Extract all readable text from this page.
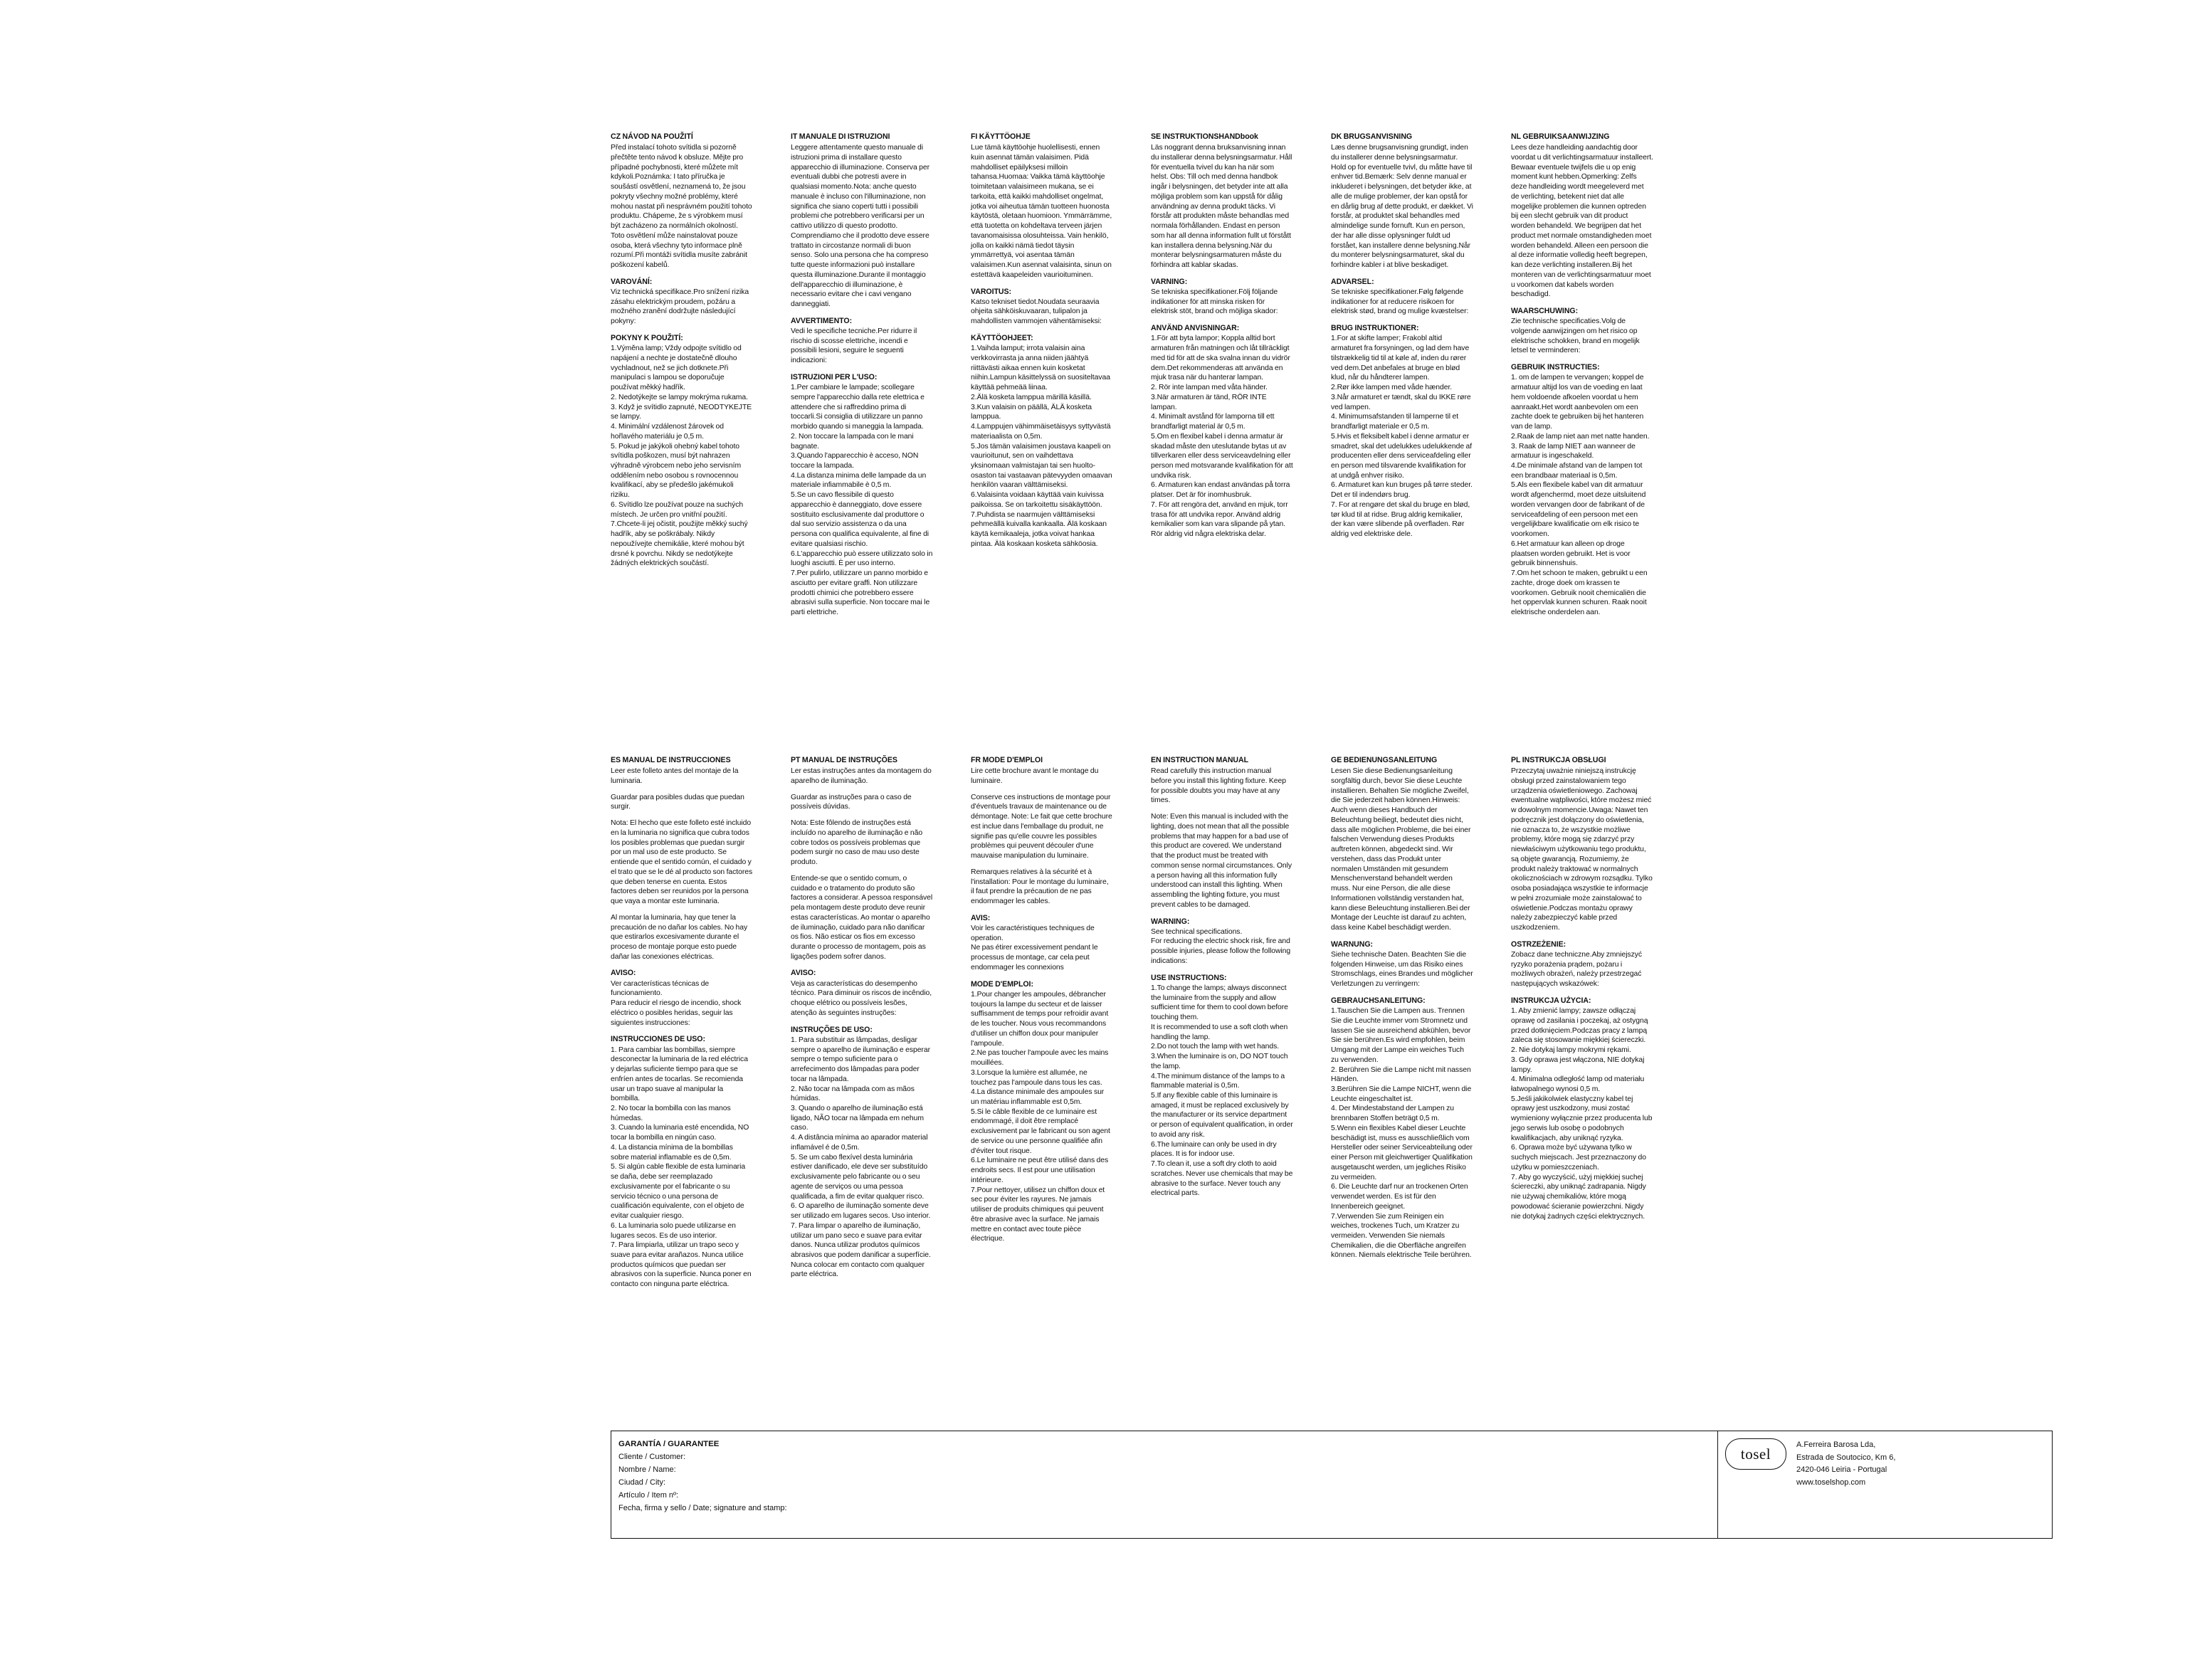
CZ NÁVOD NA POUŽITÍ

Před instalací tohoto svítidla si pozorně přečtěte tento návod k obsluze. Mějte pro případné pochybnosti, které můžete mít kdykoli.Poznámka: I tato příručka je soušástí osvětlení, neznamená to, že jsou pokryty všechny možné problémy, které mohou nastat při nesprávném použití tohoto produktu. Chápeme, že s výrobkem musí být zacházeno za normálních okolností. Toto osvětlení může nainstalovat pouze osoba, která všechny tyto informace plně rozumí.Při montáži svítidla musíte zabránit poškození kabelů.

VAROVÁNÍ:

Viz technická specifikace.Pro snížení rizika zásahu elektrickým proudem, požáru a možného zranění dodržujte následující pokyny:

POKYNY K POUŽITÍ:

1.Výměna lamp; Vždy odpojte svítidlo od napájení a nechte je dostatečně dlouho vychladnout, než se jich dotknete.Při manipulaci s lampou se doporučuje používat měkký hadřík.

2. Nedotýkejte se lampy mokrýma rukama.

3. Když je svítidlo zapnuté, NEODTYKEJTE se lampy.

4. Minimální vzdálenost žárovek od hořlavého materiálu je 0,5 m.

5. Pokud je jakýkoli ohebný kabel tohoto svítidla poškozen, musí být nahrazen výhradně výrobcem nebo jeho servisním oddělením nebo osobou s rovnocennou kvalifikací, aby se předešlo jakémukoli riziku.

6. Svítidlo lze používat pouze na suchých místech. Je určen pro vnitřní použití.

7.Chcete-li jej očistit, použijte měkký suchý hadřík, aby se poškrábaly. Nikdy nepoužívejte chemikálie, které mohou být drsné k povrchu. Nikdy se nedotýkejte žádných elektrických součástí.

IT MANUALE DI ISTRUZIONI

Leggere attentamente questo manuale di istruzioni prima di installare questo apparecchio di illuminazione. Conserva per eventuali dubbi che potresti avere in qualsiasi momento.Nota: anche questo manuale è incluso con l'illuminazione, non significa che siano coperti tutti i possibili problemi che potrebbero verificarsi per un cattivo utilizzo di questo prodotto. Comprendiamo che il prodotto deve essere trattato in circostanze normali di buon senso. Solo una persona che ha compreso tutte queste informazioni può installare questa illuminazione.Durante il montaggio dell'apparecchio di illuminazione, è necessario evitare che i cavi vengano danneggiati.

AVVERTIMENTO:

Vedi le specifiche tecniche.Per ridurre il rischio di scosse elettriche, incendi e possibili lesioni, seguire le seguenti indicazioni:

ISTRUZIONI PER L'USO:

1.Per cambiare le lampade; scollegare sempre l'apparecchio dalla rete elettrica e attendere che si raffreddino prima di toccarli.Si consiglia di utilizzare un panno morbido quando si maneggia la lampada.

2. Non toccare la lampada con le mani bagnate.

3.Quando l'apparecchio è acceso, NON toccare la lampada.

4.La distanza minima delle lampade da un materiale infiammabile è 0,5 m.

5.Se un cavo flessibile di questo apparecchio è danneggiato, dove essere sostituito esclusivamente dal produttore o dal suo servizio assistenza o da una persona con qualifica equivalente, al fine di evitare qualsiasi rischio.

6.L'apparecchio può essere utilizzato solo in luoghi asciutti. È per uso interno.

7.Per pulirlo, utilizzare un panno morbido e asciutto per evitare graffi. Non utilizzare prodotti chimici che potrebbero essere abrasivi sulla superficie. Non toccare mai le parti elettriche.

FI KÄYTTÖOHJE

Lue tämä käyttöohje huolellisesti, ennen kuin asennat tämän valaisimen. Pidä mahdolliset epäilyksesi milloin tahansa.Huomaa: Vaikka tämä käyttöohje toimitetaan valaisimeen mukana, se ei tarkoita, että kaikki mahdolliset ongelmat, jotka voi aiheutua tämän tuotteen huonosta käytöstä, oletaan huomioon. Ymmärrämme, että tuotetta on kohdeltava terveen järjen tavanomaisissa olosuhteissa. Vain henkilö, jolla on kaikki nämä tiedot täysin ymmärrettyä, voi asentaa tämän valaisimen.Kun asennat valaisinta, sinun on estettävä kaapeleiden vaurioituminen.

VAROITUS:

Katso tekniset tiedot.Noudata seuraavia ohjeita sähköiskuvaaran, tulipalon ja mahdollisten vammojen vähentämiseksi:

KÄYTTÖOHJEET:

1.Vaihda lamput; irrota valaisin aina verkkovirrasta ja anna niiden jäähtyä riittävästi aikaa ennen kuin kosketat niihin.Lampun käsittelyssä on suositeltavaa käyttää pehmeää liinaa.

2.Älä kosketa lamppua märillä käsillä.

3.Kun valaisin on päällä, ÄLÄ kosketa lamppua.

4.Lamppujen vähimmäisetäisyys syttyvästä materiaalista on 0,5m.

5.Jos tämän valaisimen joustava kaapeli on vaurioitunut, sen on vaihdettava yksinomaan valmistajan tai sen huolto-osaston tai vastaavan pätevyyden omaavan henkilön vaaran välttämiseksi.

6.Valaisinta voidaan käyttää vain kuivissa paikoissa. Se on tarkoitettu sisäkäyttöön.

7.Puhdista se naarmujen välttämiseksi pehmeällä kuivalla kankaalla. Älä koskaan käytä kemikaaleja, jotka voivat hankaa pintaa. Älä koskaan kosketa sähköosia.

SE INSTRUKTIONSHANDbook

Läs noggrant denna bruksanvisning innan du installerar denna belysningsarmatur. Håll för eventuella tvivel du kan ha när som helst. Obs: Till och med denna handbok ingår i belysningen, det betyder inte att alla möjliga problem som kan uppstå för dålig användning av denna produkt täcks. Vi förstår att produkten måste behandlas med normala förhållanden. Endast en person som har all denna information fullt ut förstått kan installera denna belysning.När du monterar belysningsarmaturen måste du förhindra att kablar skadas.

VARNING:

Se tekniska specifikationer.Följ följande indikationer för att minska risken för elektrisk stöt, brand och möjliga skador:

ANVÄND ANVISNINGAR:

1.För att byta lampor; Koppla alltid bort armaturen från matningen och låt tillräckligt med tid för att de ska svalna innan du vidrör dem.Det rekommenderas att använda en mjuk trasa när du hanterar lampan.

2. Rör inte lampan med våta händer.

3.När armaturen är tänd, RÖR INTE lampan.

4. Minimalt avstånd för lamporna till ett brandfarligt material är 0,5 m.

5.Om en flexibel kabel i denna armatur är skadad måste den uteslutande bytas ut av tillverkaren eller dess serviceavdelning eller person med motsvarande kvalifikation för att undvika risk.

6. Armaturen kan endast användas på torra platser. Det är för inomhusbruk.

7. För att rengöra det, använd en mjuk, torr trasa för att undvika repor. Använd aldrig kemikalier som kan vara slipande på ytan. Rör aldrig vid några elektriska delar.

DK BRUGSANVISNING

Læs denne brugsanvisning grundigt, inden du installerer denne belysningsarmatur. Hold op for eventuelle tvivl, du måtte have til enhver tid.Bemærk: Selv denne manual er inkluderet i belysningen, det betyder ikke, at alle de mulige problemer, der kan opstå for en dårlig brug af dette produkt, er dækket. Vi forstår, at produktet skal behandles med almindelige sunde fornuft. Kun en person, der har alle disse oplysninger fuldt ud forstået, kan installere denne belysning.Når du monterer belysningsarmaturet, skal du forhindre kabler i at blive beskadiget.

ADVARSEL:

Se tekniske specifikationer.Følg følgende indikationer for at reducere risikoen for elektrisk stød, brand og mulige kvæstelser:

BRUG INSTRUKTIONER:

1.For at skifte lamper; Frakobl altid armaturet fra forsyningen, og lad dem have tilstrækkelig tid til at køle af, inden du rører ved dem.Det anbefales at bruge en blød klud, når du håndterer lampen.

2.Rør ikke lampen med våde hænder.

3.Når armaturet er tændt, skal du IKKE røre ved lampen.

4. Minimumsafstanden til lamperne til et brandfarligt materiale er 0,5 m.

5.Hvis et fleksibelt kabel i denne armatur er smadret, skal det udelukkes udelukkende af producenten eller dens serviceafdeling eller en person med tilsvarende kvalifikation for at undgå enhver risiko.

6. Armaturet kan kun bruges på tørre steder. Det er til indendørs brug.

7. For at rengøre det skal du bruge en blød, tør klud til at ridse. Brug aldrig kemikalier, der kan være slibende på overfladen. Rør aldrig ved elektriske dele.

NL GEBRUIKSAANWIJZING

Lees deze handleiding aandachtig door voordat u dit verlichtingsarmatuur installeert. Bewaar eventuele twijfels die u op enig moment kunt hebben.Opmerking: Zelfs deze handleiding wordt meegeleverd met de verlichting, betekent niet dat alle mogelijke problemen die kunnen optreden bij een slecht gebruik van dit product worden behandeld. We begrijpen dat het product met normale omstandigheden moet worden behandeld. Alleen een persoon die al deze informatie volledig heeft begrepen, kan deze verlichting installeren.Bij het monteren van de verlichtingsarmatuur moet u voorkomen dat kabels worden beschadigd.

WAARSCHUWING:

Zie technische specificaties.Volg de volgende aanwijzingen om het risico op elektrische schokken, brand en mogelijk letsel te verminderen:

GEBRUIK INSTRUCTIES:

1. om de lampen te vervangen; koppel de armatuur altijd los van de voeding en laat hem voldoende afkoelen voordat u hem aanraakt.Het wordt aanbevolen om een zachte doek te gebruiken bij het hanteren van de lamp.

2.Raak de lamp niet aan met natte handen.

3. Raak de lamp NIET aan wanneer de armatuur is ingeschakeld.

4.De minimale afstand van de lampen tot een brandbaar materiaal is 0,5m.

5.Als een flexibele kabel van dit armatuur wordt afgenchermd, moet deze uitsluitend worden vervangen door de fabrikant of de serviceafdeling of een persoon met een vergelijkbare kwalificatie om elk risico te voorkomen.

6.Het armatuur kan alleen op droge plaatsen worden gebruikt. Het is voor gebruik binnenshuis.

7.Om het schoon te maken, gebruikt u een zachte, droge doek om krassen te voorkomen. Gebruik nooit chemicaliën die het oppervlak kunnen schuren. Raak nooit elektrische onderdelen aan.

ES MANUAL DE INSTRUCCIONES

Leer este folleto antes del montaje de la luminaria.

Guardar para posibles dudas que puedan surgir.

Nota: El hecho que este folleto esté incluido en la luminaria no significa que cubra todos los posibles problemas que puedan surgir por un mal uso de este producto. Se entiende que el sentido común, el cuidado y el trato que se le dé al producto son factores que deben tenerse en cuenta. Estos factores deben ser reunidos por la persona que vaya a montar este luminaria.

Al montar la luminaria, hay que tener la precaución de no dañar los cables. No hay que estirarlos excesivamente durante el proceso de montaje porque esto puede dañar las conexiones eléctricas.

AVISO:

Ver características técnicas de funcionamiento.

Para reducir el riesgo de incendio, shock eléctrico o posibles heridas, seguir las siguientes instrucciones:

INSTRUCCIONES DE USO:

1. Para cambiar las bombillas, siempre desconectar la luminaria de la red eléctrica y dejarlas suficiente tiempo para que se enfríen antes de tocarlas. Se recomienda usar un trapo suave al manipular la bombilla.

2. No tocar la bombilla con las manos húmedas.

3. Cuando la luminaria esté encendida, NO tocar la bombilla en ningún caso.

4. La distancia mínima de la bombillas sobre material inflamable es de 0,5m.

5. Si algún cable flexible de esta luminaria se daña, debe ser reemplazado exclusivamente por el fabricante o su servicio técnico o una persona de cualificación equivalente, con el objeto de evitar cualquier riesgo.

6. La luminaria solo puede utilizarse en lugares secos. Es de uso interior.

7. Para limpiarla, utilizar un trapo seco y suave para evitar arañazos. Nunca utilice productos químicos que puedan ser abrasivos con la superficie. Nunca poner en contacto con ninguna parte eléctrica.

PT MANUAL DE INSTRUÇÕES

Ler estas instruções antes da montagem do aparelho de iluminação.

Guardar as instruções para o caso de possíveis dúvidas.

Nota: Este fôlendo de instruções está incluído no aparelho de iluminação e não cobre todos os possíveis problemas que podem surgir no caso de mau uso deste produto.

Entende-se que o sentido comum, o cuidado e o tratamento do produto são factores a considerar. A pessoa responsável pela montagem deste produto deve reunir estas características. Ao montar o aparelho de iluminação, cuidado para não danificar os fios. Não esticar os fios em excesso durante o processo de montagem, pois as ligações podem sofrer danos.

AVISO:

Veja as características do desempenho técnico. Para diminuir os riscos de incêndio, choque elétrico ou possíveis lesões, atenção às seguintes instruções:

INSTRUÇÕES DE USO:

1. Para substituir as lâmpadas, desligar sempre o aparelho de iluminação e esperar sempre o tempo suficiente para o arrefecimento dos lâmpadas para poder tocar na lâmpada.

2. Não tocar na lâmpada com as mãos húmidas.

3. Quando o aparelho de iluminação está ligado, NÃO tocar na lâmpada em nehum caso.

4. A distância mínima ao aparador material inflamável é de 0,5m.

5. Se um cabo flexível desta luminária estiver danificado, ele deve ser substituído exclusivamente pelo fabricante ou o seu agente de serviços ou uma pessoa qualificada, a fim de evitar qualquer risco.

6. O aparelho de iluminação somente deve ser utilizado em lugares secos. Uso interior.

7. Para limpar o aparelho de iluminação, utilizar um pano seco e suave para evitar danos. Nunca utilizar produtos químicos abrasivos que podem danificar a superfície. Nunca colocar em contacto com qualquer parte eléctrica.

FR MODE D'EMPLOI

Lire cette brochure avant le montage du luminaire.

Conserve ces instructions de montage pour d'éventuels travaux de maintenance ou de démontage. Note: Le fait que cette brochure est inclue dans l'emballage du produit, ne signifie pas qu'elle couvre les possibles problèmes qui peuvent découler d'une mauvaise manipulation du luminaire.

Remarques relatives à la sécurité et à l'installation: Pour le montage du luminaire, il faut prendre la précaution de ne pas endommager les cables.

AVIS:

Voir les caractéristiques techniques de operation.

Ne pas étirer excessivement pendant le processus de montage, car cela peut endommager les connexions

MODE D'EMPLOI:

1.Pour changer les ampoules, débrancher toujours la lampe du secteur et de laisser suffisamment de temps pour refroidir avant de les toucher. Nous vous recommandons d'utiliser un chiffon doux pour manipuler l'ampoule.

2.Ne pas toucher l'ampoule avec les mains mouillées.

3.Lorsque la lumière est allumée, ne touchez pas l'ampoule dans tous les cas.

4.La distance minimale des ampoules sur un matériau inflammable est 0,5m.

5.Si le câble flexible de ce luminaire est endommagé, il doit être remplacé exclusivement par le fabricant ou son agent de service ou une personne qualifiée afin d'éviter tout risque.

6.Le luminaire ne peut être utilisé dans des endroits secs. Il est pour une utilisation intérieure.

7.Pour nettoyer, utilisez un chiffon doux et sec pour éviter les rayures. Ne jamais utiliser de produits chimiques qui peuvent être abrasive avec la surface. Ne jamais mettre en contact avec toute pièce électrique.

EN INSTRUCTION MANUAL

Read carefully this instruction manual before you install this lighting fixture. Keep for possible doubts you may have at any times.

Note: Even this manual is included with the lighting, does not mean that all the possible problems that may happen for a bad use of this product are covered. We understand that the product must be treated with common sense normal circumstances. Only a person having all this information fully understood can install this lighting. When assembling the lighting fixture, you must prevent cables to be damaged.

WARNING:

See technical specifications.

For reducing the electric shock risk, fire and possible injuries, please follow the following indications:

USE INSTRUCTIONS:

1.To change the lamps; always disconnect the luminaire from the supply and allow sufficient time for them to cool down before touching them.

It is recommended to use a soft cloth when handling the lamp.

2.Do not touch the lamp with wet hands.

3.When the luminaire is on, DO NOT touch the lamp.

4.The minimum distance of the lamps to a flammable material is 0,5m.

5.If any flexible cable of this luminaire is amaged, it must be replaced exclusively by the manufacturer or its service department or person of equivalent qualification, in order to avoid any risk.

6.The luminaire can only be used in dry places. It is for indoor use.

7.To clean it, use a soft dry cloth to aoid scratches. Never use chemicals that may be abrasive to the surface. Never touch any electrical parts.

GE BEDIENUNGSANLEITUNG

Lesen Sie diese Bedienungsanleitung sorgfältig durch, bevor Sie diese Leuchte installieren. Behalten Sie mögliche Zweifel, die Sie jederzeit haben können.Hinweis: Auch wenn dieses Handbuch der Beleuchtung beiliegt, bedeutet dies nicht, dass alle möglichen Probleme, die bei einer falschen Verwendung dieses Produkts auftreten können, abgedeckt sind. Wir verstehen, dass das Produkt unter normalen Umständen mit gesundem Menschenverstand behandelt werden muss. Nur eine Person, die alle diese Informationen vollständig verstanden hat, kann diese Beleuchtung installieren.Bei der Montage der Leuchte ist darauf zu achten, dass keine Kabel beschädigt werden.

WARNUNG:

Siehe technische Daten. Beachten Sie die folgenden Hinweise, um das Risiko eines Stromschlags, eines Brandes und möglicher Verletzungen zu verringern:

GEBRAUCHSANLEITUNG:

1.Tauschen Sie die Lampen aus. Trennen Sie die Leuchte immer vom Stromnetz und lassen Sie sie ausreichend abkühlen, bevor Sie sie berühren.Es wird empfohlen, beim Umgang mit der Lampe ein weiches Tuch zu verwenden.

2. Berühren Sie die Lampe nicht mit nassen Händen.

3.Berühren Sie die Lampe NICHT, wenn die Leuchte eingeschaltet ist.

4. Der Mindestabstand der Lampen zu brennbaren Stoffen beträgt 0,5 m.

5.Wenn ein flexibles Kabel dieser Leuchte beschädigt ist, muss es ausschließlich vom Hersteller oder seiner Serviceabteilung oder einer Person mit gleichwertiger Qualifikation ausgetauscht werden, um jegliches Risiko zu vermeiden.

6. Die Leuchte darf nur an trockenen Orten verwendet werden. Es ist für den Innenbereich geeignet.

7.Verwenden Sie zum Reinigen ein weiches, trockenes Tuch, um Kratzer zu vermeiden. Verwenden Sie niemals Chemikalien, die die Oberfläche angreifen können. Niemals elektrische Teile berühren.

PL INSTRUKCJA OBSŁUGI

Przeczytaj uważnie niniejszą instrukcję obsługi przed zainstalowaniem tego urządzenia oświetleniowego. Zachowaj ewentualne wątpliwości, które możesz mieć w dowolnym momencie.Uwaga: Nawet ten podręcznik jest dołączony do oświetlenia, nie oznacza to, że wszystkie możliwe problemy, które mogą się zdarzyć przy niewłaściwym użytkowaniu tego produktu, są objęte gwarancją. Rozumiemy, że produkt należy traktować w normalnych okolicznościach w zdrowym rozsądku. Tylko osoba posiadająca wszystkie te informacje w pełni zrozumiałe może zainstalować to oświetlenie.Podczas montażu oprawy należy zabezpieczyć kable przed uszkodzeniem.

OSTRZEŻENIE:

Zobacz dane techniczne.Aby zmniejszyć ryzyko porażenia prądem, pożaru i możliwych obrażeń, należy przestrzegać następujących wskazówek:

INSTRUKCJA UŻYCIA:

1. Aby zmienić lampy; zawsze odłączaj oprawę od zasilania i poczekaj, aż ostygną przed dotknięciem.Podczas pracy z lampą zaleca się stosowanie miękkiej ściereczki.

2. Nie dotykaj lampy mokrymi rękami.

3. Gdy oprawa jest włączona, NIE dotykaj lampy.

4. Minimalna odległość lamp od materiału łatwopalnego wynosi 0,5 m.

5.Jeśli jakikolwiek elastyczny kabel tej oprawy jest uszkodzony, musi zostać wymieniony wyłącznie przez producenta lub jego serwis lub osobę o podobnych kwalifikacjach, aby uniknąć ryzyka.

6. Oprawa może być używana tylko w suchych miejscach. Jest przeznaczony do użytku w pomieszczeniach.

7. Aby go wyczyścić, użyj miękkiej suchej ściereczki, aby uniknąć zadrapania. Nigdy nie używaj chemikaliów, które mogą powodować ścieranie powierzchni. Nigdy nie dotykaj żadnych części elektrycznych.

GARANTÍA / GUARANTEE
Cliente / Customer:
Nombre / Name:
Ciudad / City:
Artículo / Item nº:
Fecha, firma y sello / Date; signature and stamp:
tosel
A.Ferreira Barosa Lda,
Estrada de Soutocico, Km 6,
2420-046 Leiria - Portugal
www.toselshop.com
